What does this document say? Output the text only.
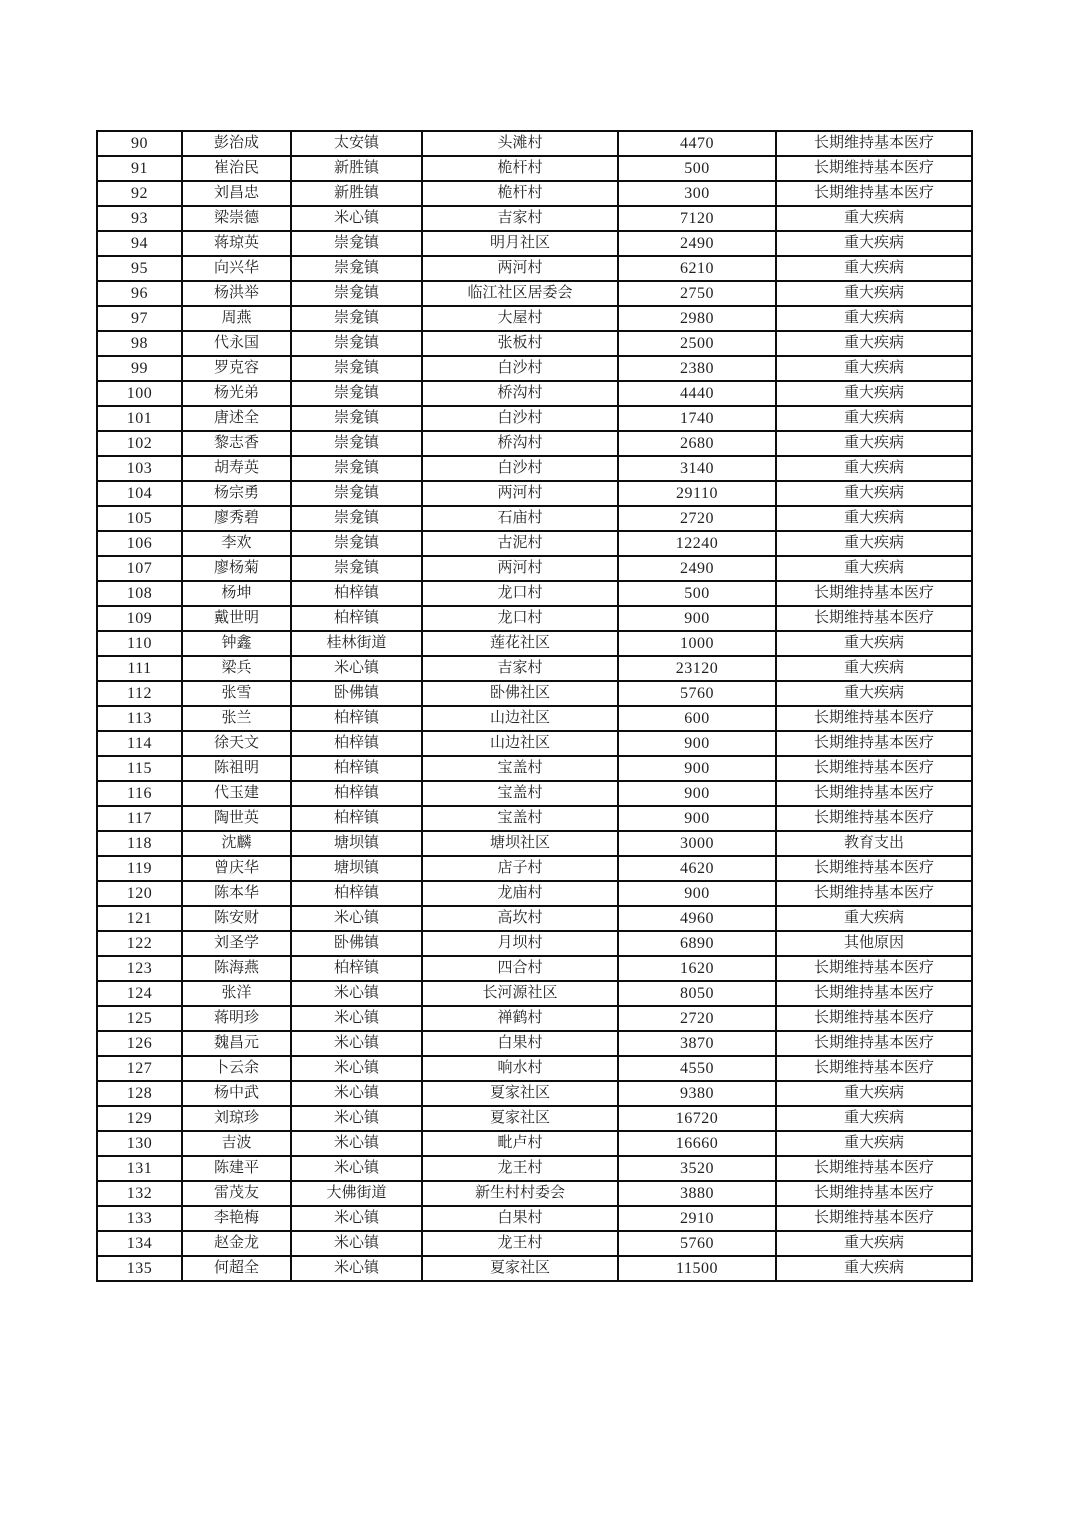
90	彭治成	太安镇	头滩村	4470	长期维持基本医疗
91	崔治民	新胜镇	桅杆村	500	长期维持基本医疗
92	刘昌忠	新胜镇	桅杆村	300	长期维持基本医疗
93	梁崇德	米心镇	吉家村	7120	重大疾病
94	蒋琼英	崇龛镇	明月社区	2490	重大疾病
95	向兴华	崇龛镇	两河村	6210	重大疾病
96	杨洪举	崇龛镇	临江社区居委会	2750	重大疾病
97	周燕	崇龛镇	大屋村	2980	重大疾病
98	代永国	崇龛镇	张板村	2500	重大疾病
99	罗克容	崇龛镇	白沙村	2380	重大疾病
100	杨光弟	崇龛镇	桥沟村	4440	重大疾病
101	唐述全	崇龛镇	白沙村	1740	重大疾病
102	黎志香	崇龛镇	桥沟村	2680	重大疾病
103	胡寿英	崇龛镇	白沙村	3140	重大疾病
104	杨宗勇	崇龛镇	两河村	29110	重大疾病
105	廖秀碧	崇龛镇	石庙村	2720	重大疾病
106	李欢	崇龛镇	古泥村	12240	重大疾病
107	廖杨菊	崇龛镇	两河村	2490	重大疾病
108	杨坤	柏梓镇	龙口村	500	长期维持基本医疗
109	戴世明	柏梓镇	龙口村	900	长期维持基本医疗
110	钟鑫	桂林街道	莲花社区	1000	重大疾病
111	梁兵	米心镇	吉家村	23120	重大疾病
112	张雪	卧佛镇	卧佛社区	5760	重大疾病
113	张兰	柏梓镇	山边社区	600	长期维持基本医疗
114	徐天文	柏梓镇	山边社区	900	长期维持基本医疗
115	陈祖明	柏梓镇	宝盖村	900	长期维持基本医疗
116	代玉建	柏梓镇	宝盖村	900	长期维持基本医疗
117	陶世英	柏梓镇	宝盖村	900	长期维持基本医疗
118	沈麟	塘坝镇	塘坝社区	3000	教育支出
119	曾庆华	塘坝镇	店子村	4620	长期维持基本医疗
120	陈本华	柏梓镇	龙庙村	900	长期维持基本医疗
121	陈安财	米心镇	高坎村	4960	重大疾病
122	刘圣学	卧佛镇	月坝村	6890	其他原因
123	陈海燕	柏梓镇	四合村	1620	长期维持基本医疗
124	张洋	米心镇	长河源社区	8050	长期维持基本医疗
125	蒋明珍	米心镇	禅鹤村	2720	长期维持基本医疗
126	魏昌元	米心镇	白果村	3870	长期维持基本医疗
127	卜云余	米心镇	响水村	4550	长期维持基本医疗
128	杨中武	米心镇	夏家社区	9380	重大疾病
129	刘琼珍	米心镇	夏家社区	16720	重大疾病
130	吉波	米心镇	毗卢村	16660	重大疾病
131	陈建平	米心镇	龙王村	3520	长期维持基本医疗
132	雷茂友	大佛街道	新生村村委会	3880	长期维持基本医疗
133	李艳梅	米心镇	白果村	2910	长期维持基本医疗
134	赵金龙	米心镇	龙王村	5760	重大疾病
135	何超全	米心镇	夏家社区	11500	重大疾病
